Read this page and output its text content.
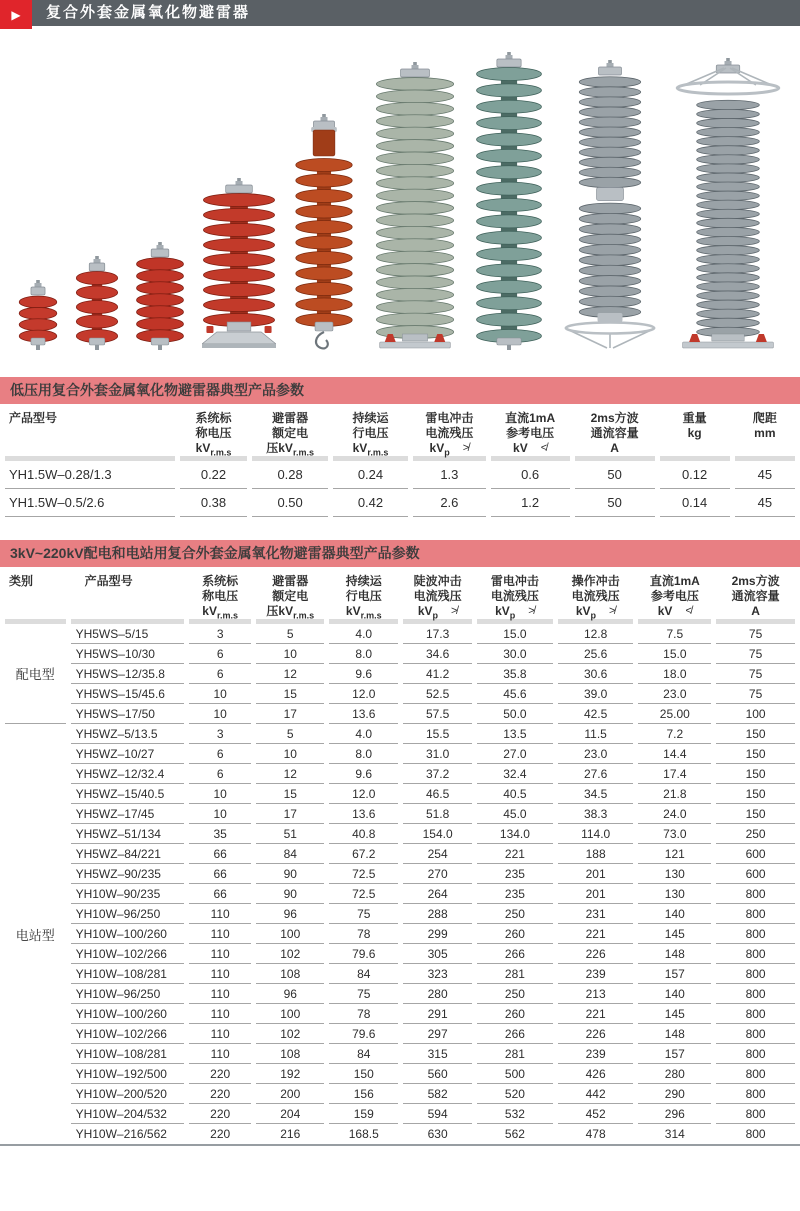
▶ 复合外套金属氧化物避雷器
低压用复合外套金属氧化物避雷器典型产品参数
产品型号	系统标
称电压
$kV_{r.m.s}$

避雷器
额定电
压$kV_{r.m.s}$

持续运
行电压
$kV_{r.m.s}$

雷电冲击
电流残压
$kV_p$ ≯

直流1mA
参考电压
kV ≮

2ms方波
通流容量
A

重量
kg

爬距
mm

YH1.5W–0.28/1.3	0.22	0.28	0.24	1.3	0.6	50	0.12	45
YH1.5W–0.5/2.6	0.38	0.50	0.42	2.6	1.2	50	0.14	45
3kV~220kV配电和电站用复合外套金属氧化物避雷器典型产品参数
类别	产品型号	系统标
称电压
$kV_{r.m.s}$

避雷器
额定电
压$kV_{r.m.s}$

持续运
行电压
$kV_{r.m.s}$

陡波冲击
电流残压
$kV_p$ ≯

雷电冲击
电流残压
$kV_p$ ≯

操作冲击
电流残压
$kV_p$ ≯

直流1mA
参考电压
kV ≮

2ms方波
通流容量
A

配电型	YH5WS–5/15	3	5	4.0	17.3	15.0	12.8	7.5	75
	YH5WS–10/30	6	10	8.0	34.6	30.0	25.6	15.0	75
	YH5WS–12/35.8	6	12	9.6	41.2	35.8	30.6	18.0	75
	YH5WS–15/45.6	10	15	12.0	52.5	45.6	39.0	23.0	75
	YH5WS–17/50	10	17	13.6	57.5	50.0	42.5	25.00	100
电站型	YH5WZ–5/13.5	3	5	4.0	15.5	13.5	11.5	7.2	150
	YH5WZ–10/27	6	10	8.0	31.0	27.0	23.0	14.4	150
	YH5WZ–12/32.4	6	12	9.6	37.2	32.4	27.6	17.4	150
	YH5WZ–15/40.5	10	15	12.0	46.5	40.5	34.5	21.8	150
	YH5WZ–17/45	10	17	13.6	51.8	45.0	38.3	24.0	150
	YH5WZ–51/134	35	51	40.8	154.0	134.0	114.0	73.0	250
	YH5WZ–84/221	66	84	67.2	254	221	188	121	600
	YH5WZ–90/235	66	90	72.5	270	235	201	130	600
	YH10W–90/235	66	90	72.5	264	235	201	130	800
	YH10W–96/250	110	96	75	288	250	231	140	800
	YH10W–100/260	110	100	78	299	260	221	145	800
	YH10W–102/266	110	102	79.6	305	266	226	148	800
	YH10W–108/281	110	108	84	323	281	239	157	800
	YH10W–96/250	110	96	75	280	250	213	140	800
	YH10W–100/260	110	100	78	291	260	221	145	800
	YH10W–102/266	110	102	79.6	297	266	226	148	800
	YH10W–108/281	110	108	84	315	281	239	157	800
	YH10W–192/500	220	192	150	560	500	426	280	800
	YH10W–200/520	220	200	156	582	520	442	290	800
	YH10W–204/532	220	204	159	594	532	452	296	800
	YH10W–216/562	220	216	168.5	630	562	478	314	800
